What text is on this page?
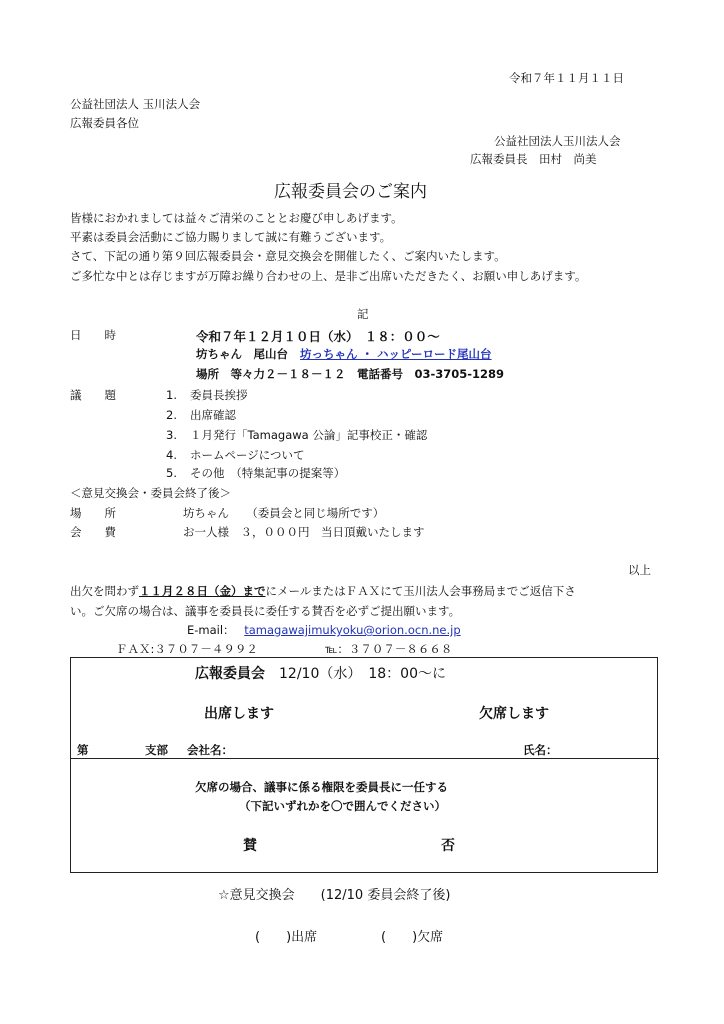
令和７年１１月１１日
公益社団法人 玉川法人会
広報委員各位
公益社団法人玉川法人会
広報委員長　田村　尚美
広報委員会のご案内
皆様におかれましては益々ご清栄のこととお慶び申しあげます。
平素は委員会活動にご協力賜りまして誠に有難うございます。
さて、下記の通り第９回広報委員会・意見交換会を開催したく、ご案内いたします。
ご多忙な中とは存じますが万障お繰り合わせの上、是非ご出席いただきたく、お願い申しあげます。
記
日　　時	令和７年１２月１０日（水）　１８：００～
坊ちゃん　尾山台 坊っちゃん ・ ハッピーロード尾山台
場所　等々力２－１８－１２　電話番号　03-3705-1289
議　　題	1. 委員長挨拶
2. 出席確認
3. １月発行「Tamagawa 公論」記事校正・確認
4. ホームページについて
5. その他　（特集記事の提案等）
＜意見交換会・委員会終了後＞
場　　所	坊ちゃん　　（委員会と同じ場所です）
会　　費	お一人様　３，０００円　当日頂戴いたします
以上
出欠を問わず１１月２８日（金）までにメールまたはＦＡＸにて玉川法人会事務局までご返信下さ
い。ご欠席の場合は、議事を委員長に委任する賛否を必ずご提出願います。
E-mail： tamagawajimukyoku@orion.ocn.ne.jp
ＦＡＸ:３７０７－４９９２	℡：３７０７－８６６８
広報委員会 12/10（水）　18：00～に
出席します	欠席します
第	支部 会社名：	氏名：
欠席の場合、議事に係る権限を委員長に一任する
（下記いずれかを〇で囲んでください）
賛	否
☆意見交換会　　(12/10 委員会終了後)
(　　)出席	(　　)欠席
